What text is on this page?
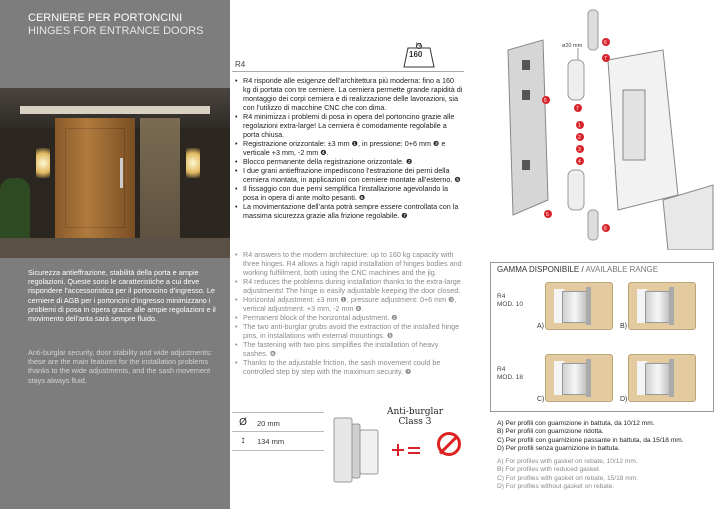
CERNIERE PER PORTONCINI
HINGES FOR ENTRANCE DOORS
Sicurezza antieffrazione, stabilità della porta e ampie regolazioni. Queste sono le caratteristiche a cui deve rispondere l’accessoristica per il portoncino d’ingresso. Le cerniere di AGB per i portoncini d’ingresso minimizzano i problemi di posa in opera grazie alle ampie regolazioni e il movimento dell’anta sarà sempre fluido.
Anti-burglar security, door stability and wide adjustments: these are the main features for the installation problems thanks to the wide adjustments, and the sash movement stays always fluid.
kg
160
R4
• R4 risponde alle esigenze dell’architettura più moderna: fino a 160 kg di portata con tre cerniere. La cerniera permette grande rapidità di montaggio dei corpi cerniera e di realizzazione delle lavorazioni, sia con l’utilizzo di macchine CNC che con dima.
• R4 minimizza i problemi di posa in opera del portoncino grazie alle regolazioni extra-large! La cerniera è comodamente regolabile a porta chiusa.
• Registrazione orizzontale: ±3 mm ❶, in pressione: 0+6 mm ❸ e verticale +3 mm, -2 mm ❹.
• Blocco permanente della registrazione orizzontale. ❷
• I due grani antieffrazione impediscono l’estrazione dei perni della cerniera montata, in applicazioni con cerniere montate all’esterno. ❺
• Il fissaggio con due perni semplifica l’installazione agevolando la posa in opera di ante molto pesanti. ❻
• La movimentazione dell’anta potrà sempre essere controllata con la massima sicurezza grazie alla frizione regolabile. ❼
• R4 answers to the modern architecture: up to 160 kg capacity with three hinges. R4 allows a high rapid installation of hinges bodies and working fulfillment, both using the CNC machines and the jig.
• R4 reduces the problems during installation thanks to the extra-large adjustments! The hinge is easily adjustable keeping the door closed.
• Horizontal adjustment: ±3 mm ❶, pressure adjustment: 0+6 mm ❸, vertical adjustment: +3 mm, -2 mm ❹.
• Permanent block of the horizontal adjustment. ❷
• The two anti-burglar grubs avoid the extraction of the installed hinge pins, in installations with external mountings. ❺
• The fastening with two pins simplifies the installation of heavy sashes. ❻
• Thanks to the adjustable friction, the sash movement could be controlled step by step with the maximum security. ❼
Ø	20 mm
↕	134 mm
Anti-burglar
Class 3
ø20 mm	6
7
5
7
1
2
3
4
5
6
GAMMA DISPONIBILE / AVAILABLE RANGE
R4
MOD. 10
A)	B)
R4
MOD. 18
C)	D)
A) Per profili con guarnizione in battuta, da 10/12 mm.
B) Per profili con guarnizione ridotta.
C) Per profili con guarnizione passante in battuta, da 15/18 mm.
D) Per profili senza guarnizione in battuta.
A) For profiles with gasket on rebate, 10/12 mm.
B) For profiles with reduced gasket.
C) For profiles with gasket on rebate, 15/18 mm.
D) For profiles without gasket on rebate.
